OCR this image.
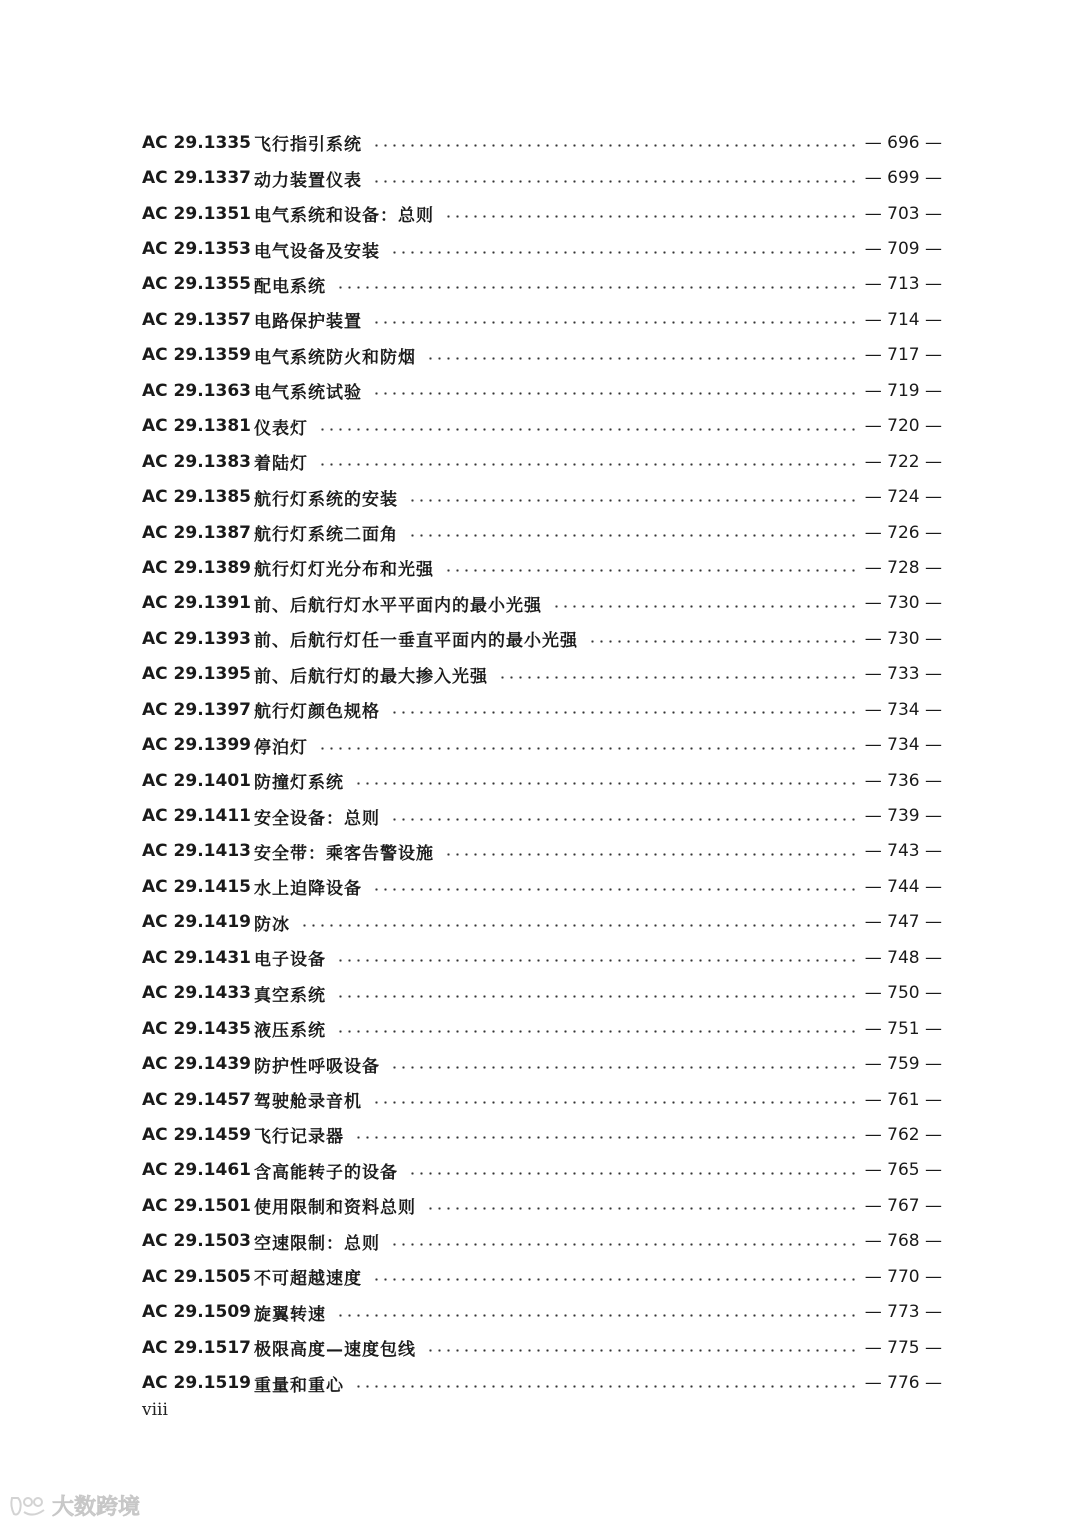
AC 29.1335 飞行指引系统	— 696 —
AC 29.1337 动力装置仪表	— 699 —
AC 29.1351 电气系统和设备：总则	— 703 —
AC 29.1353 电气设备及安装	— 709 —
AC 29.1355 配电系统	— 713 —
AC 29.1357 电路保护装置	— 714 —
AC 29.1359 电气系统防火和防烟	— 717 —
AC 29.1363 电气系统试验	— 719 —
AC 29.1381 仪表灯	— 720 —
AC 29.1383 着陆灯	— 722 —
AC 29.1385 航行灯系统的安装	— 724 —
AC 29.1387 航行灯系统二面角	— 726 —
AC 29.1389 航行灯灯光分布和光强	— 728 —
AC 29.1391 前、后航行灯水平平面内的最小光强	— 730 —
AC 29.1393 前、后航行灯任一垂直平面内的最小光强	— 730 —
AC 29.1395 前、后航行灯的最大掺入光强	— 733 —
AC 29.1397 航行灯颜色规格	— 734 —
AC 29.1399 停泊灯	— 734 —
AC 29.1401 防撞灯系统	— 736 —
AC 29.1411 安全设备：总则	— 739 —
AC 29.1413 安全带：乘客告警设施	— 743 —
AC 29.1415 水上迫降设备	— 744 —
AC 29.1419 防冰	— 747 —
AC 29.1431 电子设备	— 748 —
AC 29.1433 真空系统	— 750 —
AC 29.1435 液压系统	— 751 —
AC 29.1439 防护性呼吸设备	— 759 —
AC 29.1457 驾驶舱录音机	— 761 —
AC 29.1459 飞行记录器	— 762 —
AC 29.1461 含高能转子的设备	— 765 —
AC 29.1501 使用限制和资料总则	— 767 —
AC 29.1503 空速限制：总则	— 768 —
AC 29.1505 不可超越速度	— 770 —
AC 29.1509 旋翼转速	— 773 —
AC 29.1517 极限高度—速度包线	— 775 —
AC 29.1519 重量和重心	— 776 —
viii
大数跨境
